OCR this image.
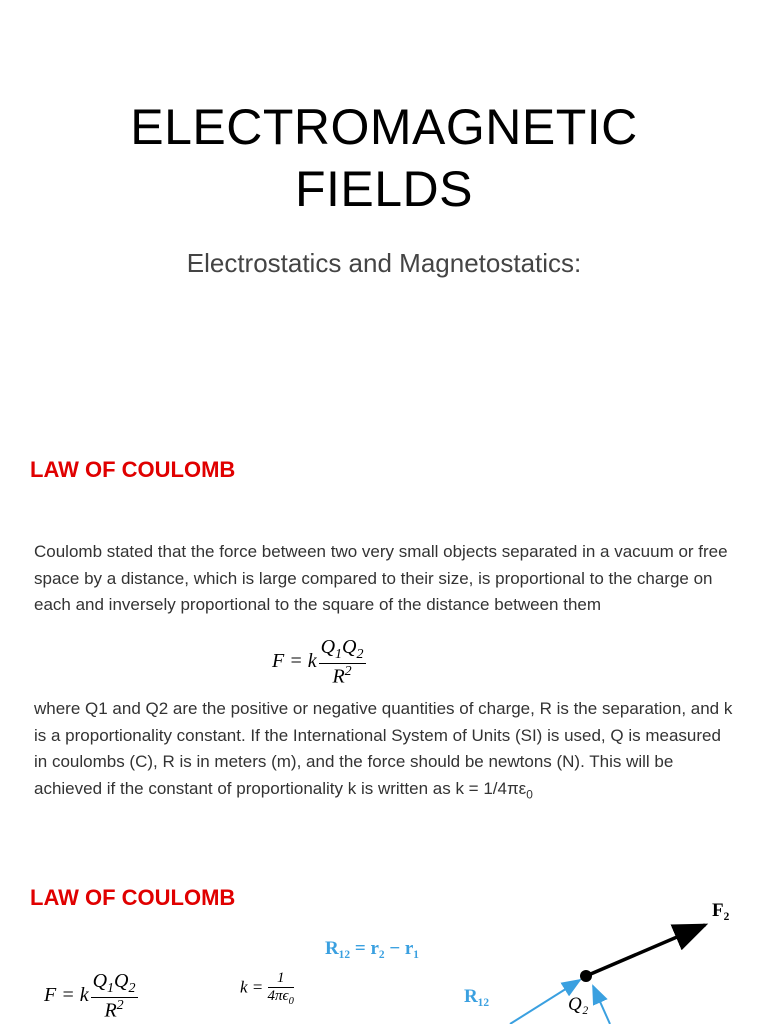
ELECTROMAGNETIC
FIELDS
Electrostatics and Magnetostatics:
LAW OF COULOMB
Coulomb stated that the force between two very small objects separated in a vacuum or free space by a distance, which is large compared to their size, is proportional to the charge on each and inversely proportional to the square of the distance between them
F = k $\frac{Q_1Q_2}{R^2}$
where Q1 and Q2 are the positive or negative quantities of charge, R is the separation, and k is a proportionality constant. If the International System of Units (SI) is used, Q is measured in coulombs (C), R is in meters (m), and the force should be newtons (N). This will be achieved if the constant of proportionality k is written as $k = 1/4\pi\varepsilon_0$
LAW OF COULOMB
F = k $\frac{Q_1Q_2}{R^2}$	$k = \frac{1}{4\pi\epsilon_0}$
R₁₂ = r₂ − r₁
F₂
R₁₂	Q₂
